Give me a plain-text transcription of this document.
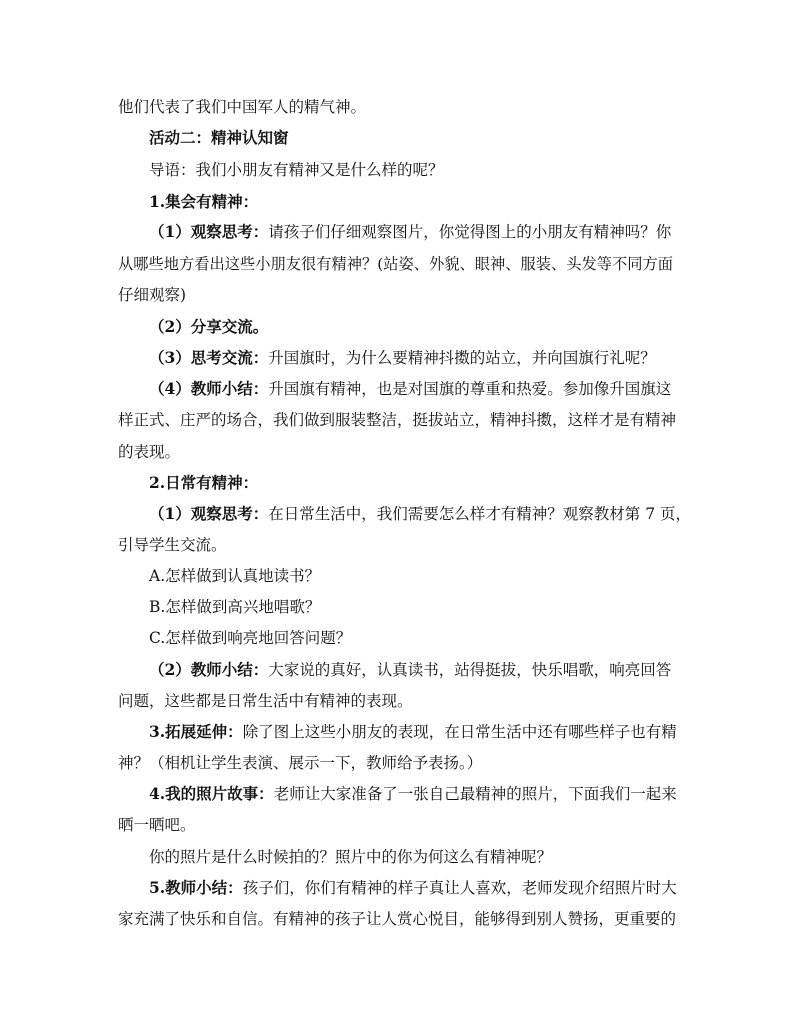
他们代表了我们中国军人的精气神。
活动二：精神认知窗
导语：我们小朋友有精神又是什么样的呢？
1.集会有精神：
（1）观察思考：请孩子们仔细观察图片，你觉得图上的小朋友有精神吗？你
从哪些地方看出这些小朋友很有精神？(站姿、外貌、眼神、服装、头发等不同方面
仔细观察)
（2）分享交流。
（3）思考交流：升国旗时，为什么要精神抖擞的站立，并向国旗行礼呢？
（4）教师小结：升国旗有精神，也是对国旗的尊重和热爱。参加像升国旗这
样正式、庄严的场合，我们做到服装整洁，挺拔站立，精神抖擞，这样才是有精神
的表现。
2.日常有精神：
（1）观察思考：在日常生活中，我们需要怎么样才有精神？观察教材第 7 页，
引导学生交流。
A.怎样做到认真地读书？
B.怎样做到高兴地唱歌？
C.怎样做到响亮地回答问题？
（2）教师小结：大家说的真好，认真读书，站得挺拔，快乐唱歌，响亮回答
问题，这些都是日常生活中有精神的表现。
3.拓展延伸：除了图上这些小朋友的表现，在日常生活中还有哪些样子也有精
神？（相机让学生表演、展示一下，教师给予表扬。）
4.我的照片故事：老师让大家准备了一张自己最精神的照片，下面我们一起来
晒一晒吧。
你的照片是什么时候拍的？照片中的你为何这么有精神呢？
5.教师小结：孩子们，你们有精神的样子真让人喜欢，老师发现介绍照片时大
家充满了快乐和自信。有精神的孩子让人赏心悦目，能够得到别人赞扬，更重要的
